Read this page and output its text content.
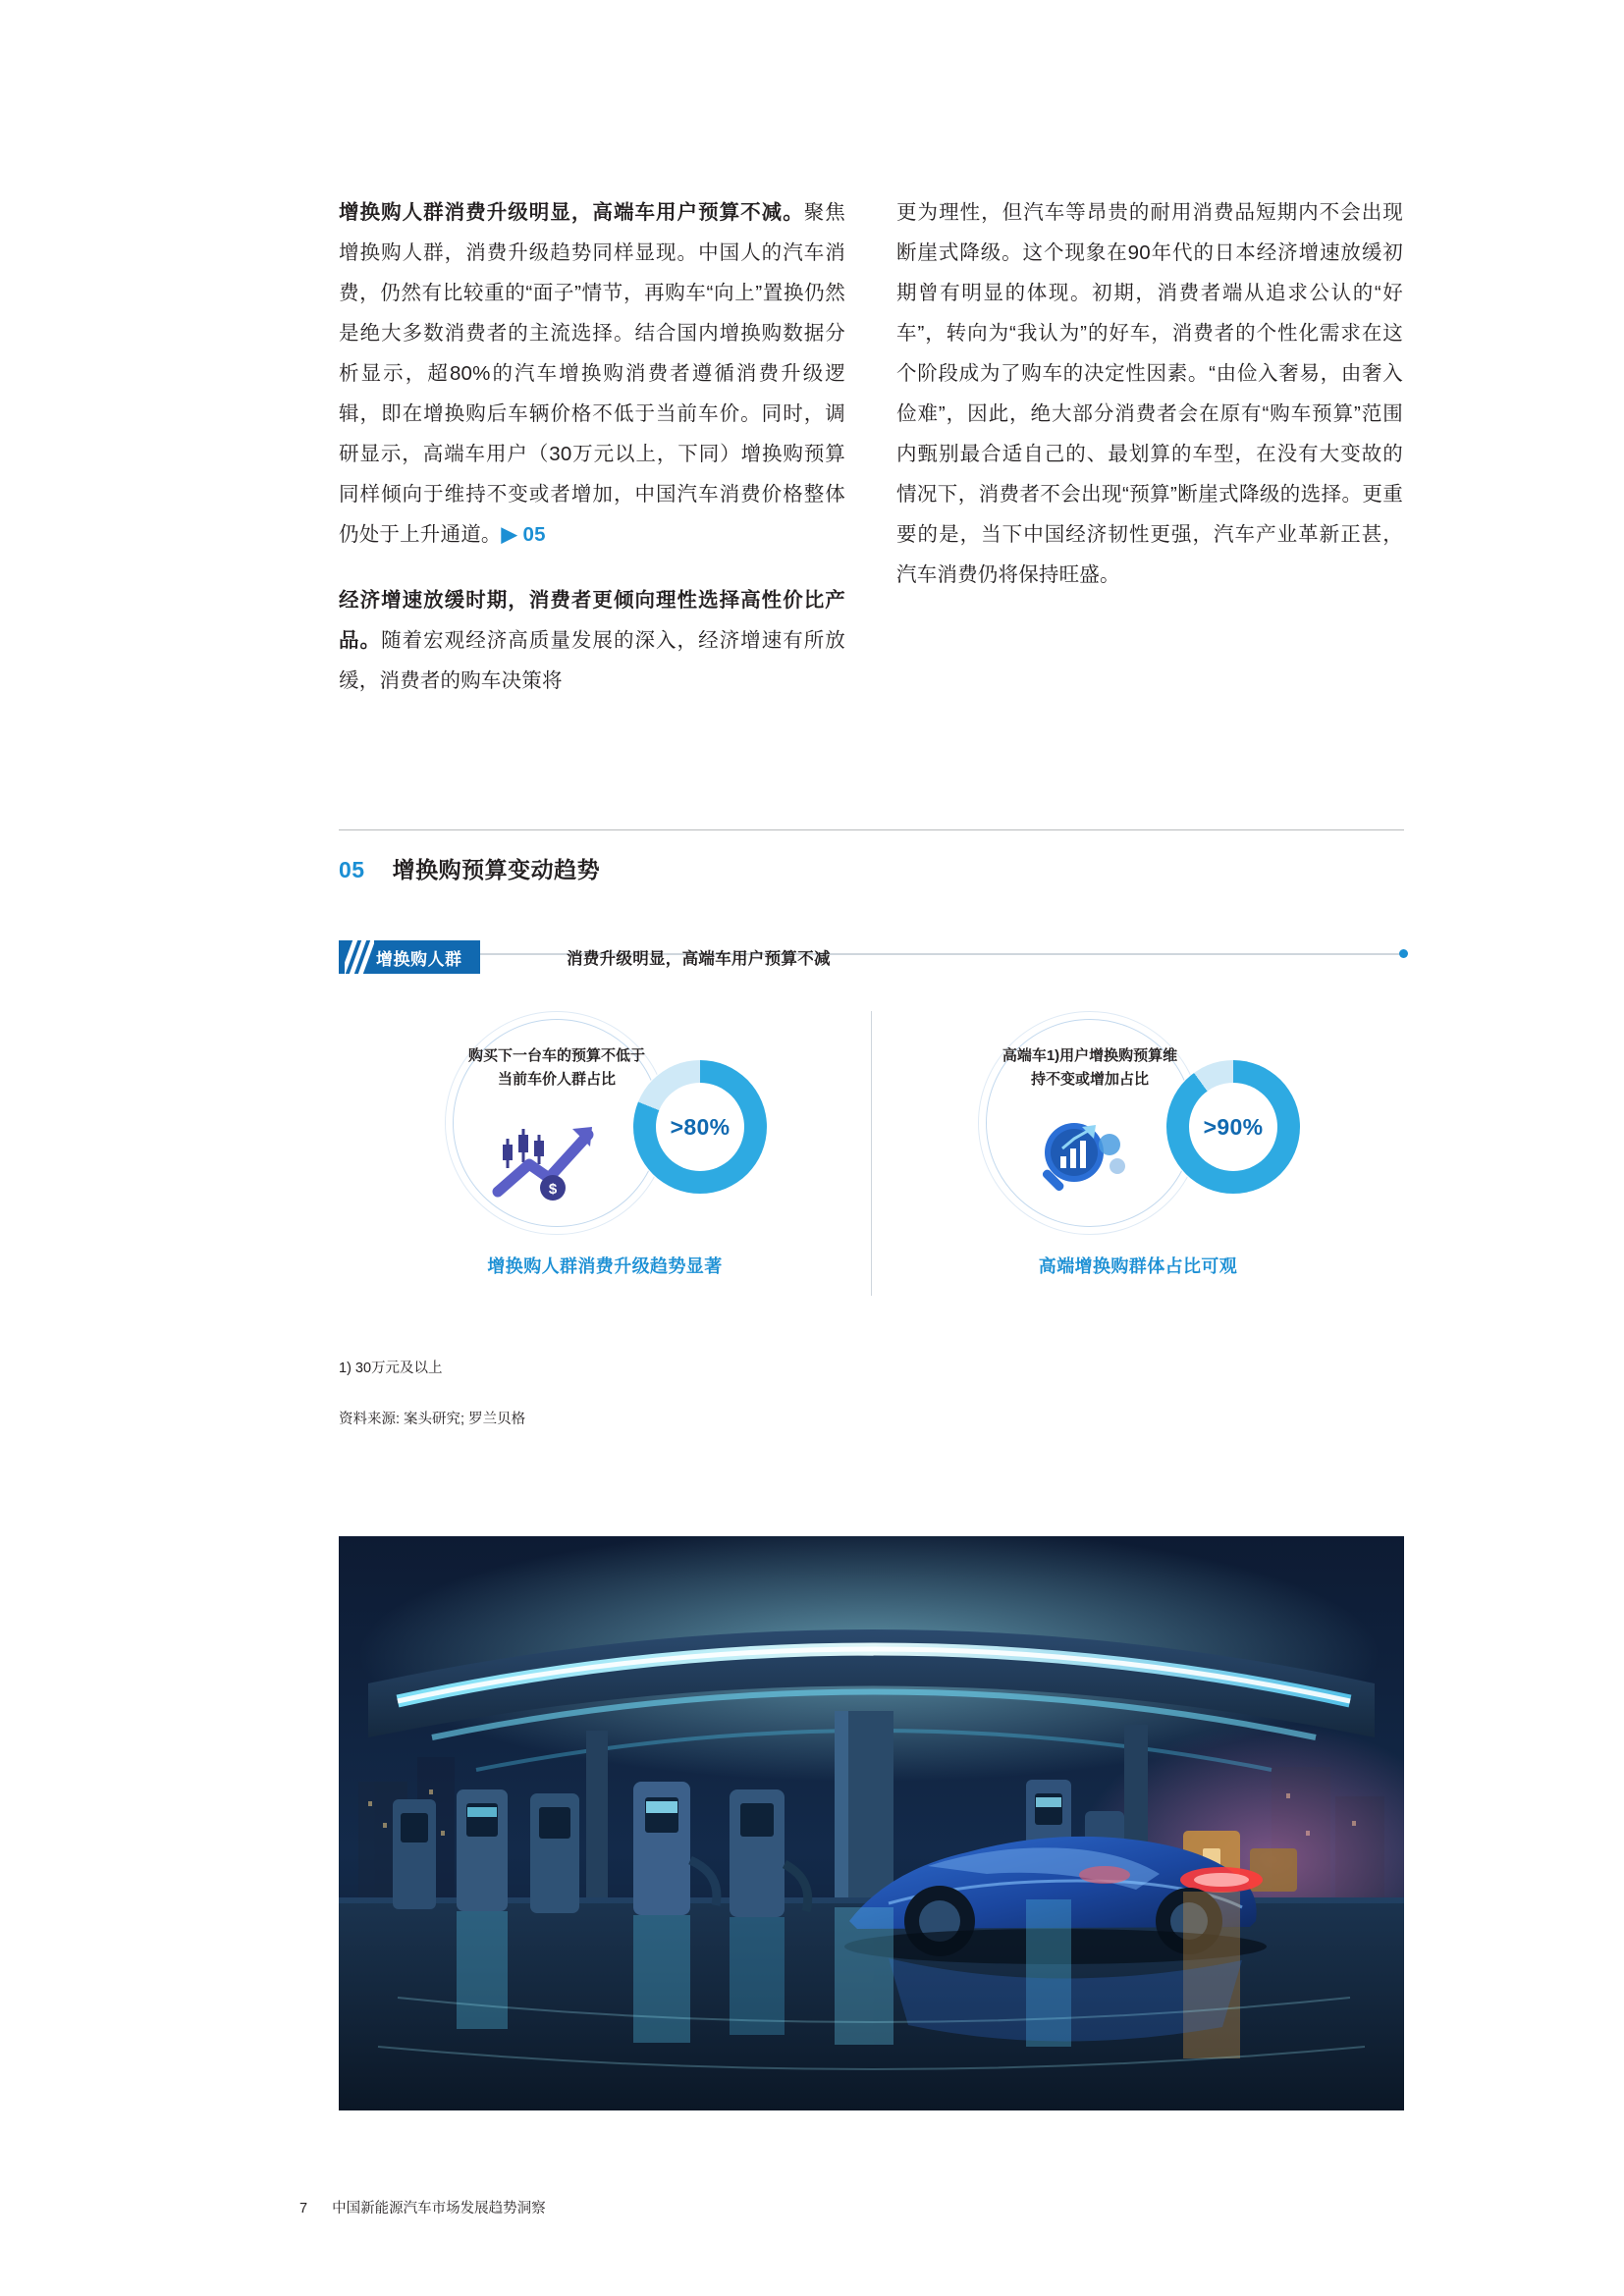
增换购人群消费升级明显，高端车用户预算不减。聚焦增换购人群，消费升级趋势同样显现。中国人的汽车消费，仍然有比较重的“面子”情节，再购车“向上”置换仍然是绝大多数消费者的主流选择。结合国内增换购数据分析显示，超80%的汽车增换购消费者遵循消费升级逻辑，即在增换购后车辆价格不低于当前车价。同时，调研显示，高端车用户（30万元以上，下同）增换购预算同样倾向于维持不变或者增加，中国汽车消费价格整体仍处于上升通道。▶ 05

经济增速放缓时期，消费者更倾向理性选择高性价比产品。随着宏观经济高质量发展的深入，经济增速有所放缓，消费者的购车决策将

更为理性，但汽车等昂贵的耐用消费品短期内不会出现断崖式降级。这个现象在90年代的日本经济增速放缓初期曾有明显的体现。初期，消费者端从追求公认的“好车”，转向为“我认为”的好车，消费者的个性化需求在这个阶段成为了购车的决定性因素。“由俭入奢易，由奢入俭难”，因此，绝大部分消费者会在原有“购车预算”范围内甄别最合适自己的、最划算的车型，在没有大变故的情况下，消费者不会出现“预算”断崖式降级的选择。更重要的是，当下中国经济韧性更强，汽车产业革新正甚，汽车消费仍将保持旺盛。

05 增换购预算变动趋势
增换购人群	消费升级明显，高端车用户预算不减
购买下一台车的预算不低于当前车价人群占比
$
>80%
增换购人群消费升级趋势显著
高端车1)用户增换购预算维持不变或增加占比
>90%
高端增换购群体占比可观
1) 30万元及以上
资料来源: 案头研究; 罗兰贝格
7 中国新能源汽车市场发展趋势洞察
